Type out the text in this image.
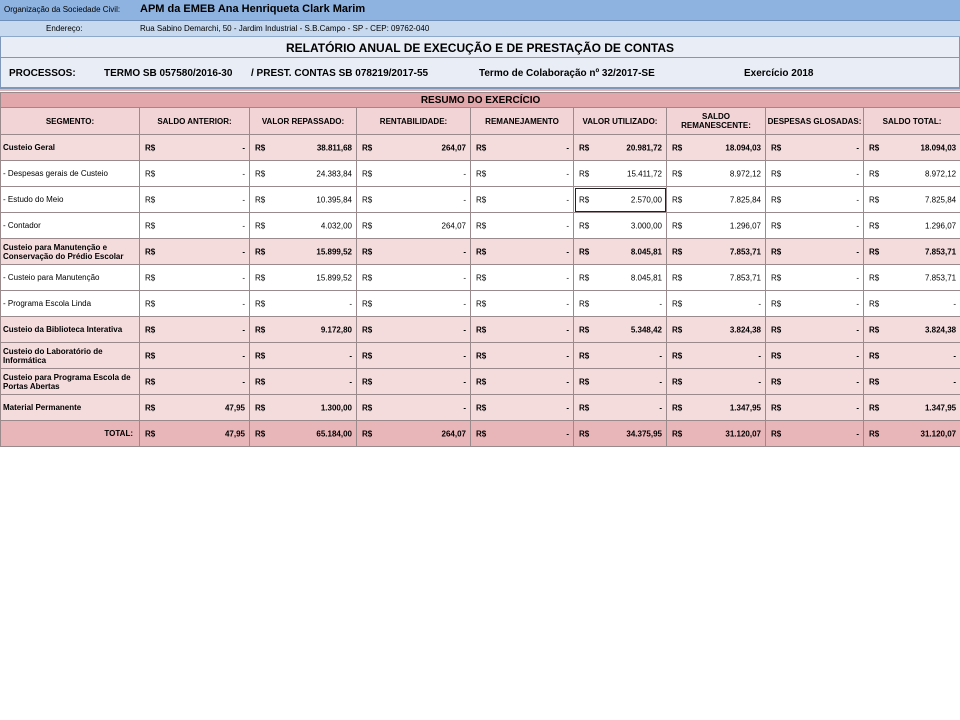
Organização da Sociedade Civil: APM da EMEB Ana Henriqueta Clark Marim
Endereço:	Rua Sabino Demarchi, 50 - Jardim Industrial - S.B.Campo - SP - CEP: 09762-040
RELATÓRIO ANUAL DE EXECUÇÃO E DE PRESTAÇÃO DE CONTAS
PROCESSOS:	TERMO SB 057580/2016-30 / PREST. CONTAS SB 078219/2017-55	Termo de Colaboração nº 32/2017-SE	Exercício 2018
RESUMO DO EXERCÍCIO								
SEGMENTO:	SALDO ANTERIOR:	VALOR REPASSADO:	RENTABILIDADE:	REMANEJAMENTO	VALOR UTILIZADO:	SALDO REMANESCENTE:	DESPESAS GLOSADAS:	SALDO TOTAL:
Custeio Geral	R$ -	R$ 38.811,68	R$ 264,07	R$ -	R$ 20.981,72	R$ 18.094,03	R$ -	R$ 18.094,03

- Despesas gerais de Custeio	R$ -	R$ 24.383,84	R$ -	R$ -	R$ 15.411,72	R$ 8.972,12	R$ -	R$ 8.972,12

- Estudo do Meio	R$ -	R$ 10.395,84	R$ -	R$ -	R$ 2.570,00	R$ 7.825,84	R$ -	R$ 7.825,84

- Contador	R$ -	R$ 4.032,00	R$ 264,07	R$ -	R$ 3.000,00	R$ 1.296,07	R$ -	R$ 1.296,07

Custeio para Manutenção e Conservação do Prédio Escolar	R$ -	R$ 15.899,52	R$ -	R$ -	R$ 8.045,81	R$ 7.853,71	R$ -	R$ 7.853,71

- Custeio para Manutenção	R$ -	R$ 15.899,52	R$ -	R$ -	R$ 8.045,81	R$ 7.853,71	R$ -	R$ 7.853,71

- Programa Escola Linda	R$ -	R$ -	R$ -	R$ -	R$ -	R$ -	R$ -	R$ -

Custeio da Biblioteca Interativa	R$ -	R$ 9.172,80	R$ -	R$ -	R$ 5.348,42	R$ 3.824,38	R$ -	R$ 3.824,38

Custeio do Laboratório de Informática	R$ -	R$ -	R$ -	R$ -	R$ -	R$ -	R$ -	R$ -

Custeio para Programa Escola de Portas Abertas	R$ -	R$ -	R$ -	R$ -	R$ -	R$ -	R$ -	R$ -

Material Permanente	R$ 47,95	R$ 1.300,00	R$ -	R$ -	R$ -	R$ 1.347,95	R$ -	R$ 1.347,95

TOTAL:	R$ 47,95	R$ 65.184,00	R$ 264,07	R$ -	R$ 34.375,95	R$ 31.120,07	R$ -	R$ 31.120,07
